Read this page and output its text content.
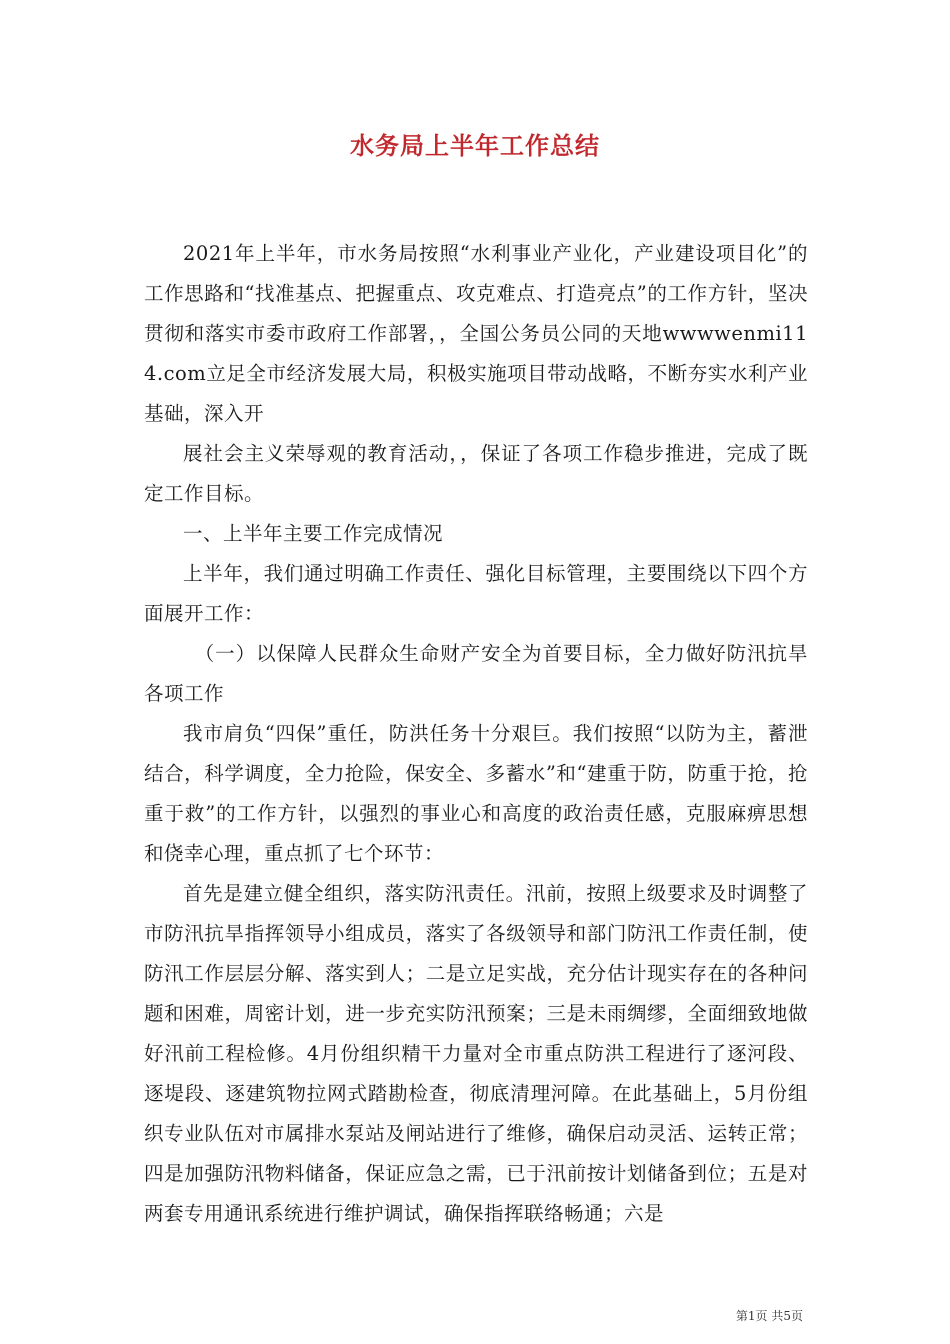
水务局上半年工作总结

2021年上半年，市水务局按照“水利事业产业化，产业建设项目化”的工作思路和“找准基点、把握重点、攻克难点、打造亮点”的工作方针，坚决贯彻和落实市委市政府工作部署，，全国公务员公同的天地wwwwenmi114.com立足全市经济发展大局，积极实施项目带动战略，不断夯实水利产业基础，深入开

展社会主义荣辱观的教育活动，，保证了各项工作稳步推进，完成了既定工作目标。

一、上半年主要工作完成情况

上半年，我们通过明确工作责任、强化目标管理，主要围绕以下四个方面展开工作：

（一）以保障人民群众生命财产安全为首要目标，全力做好防汛抗旱各项工作

我市肩负“四保”重任，防洪任务十分艰巨。我们按照“以防为主，蓄泄结合，科学调度，全力抢险，保安全、多蓄水”和“建重于防，防重于抢，抢重于救”的工作方针，以强烈的事业心和高度的政治责任感，克服麻痹思想和侥幸心理，重点抓了七个环节：

首先是建立健全组织，落实防汛责任。汛前，按照上级要求及时调整了市防汛抗旱指挥领导小组成员，落实了各级领导和部门防汛工作责任制，使防汛工作层层分解、落实到人；二是立足实战，充分估计现实存在的各种问题和困难，周密计划，进一步充实防汛预案；三是未雨绸缪，全面细致地做好汛前工程检修。4月份组织精干力量对全市重点防洪工程进行了逐河段、逐堤段、逐建筑物拉网式踏勘检查，彻底清理河障。在此基础上，5月份组织专业队伍对市属排水泵站及闸站进行了维修，确保启动灵活、运转正常；四是加强防汛物料储备，保证应急之需，已于汛前按计划储备到位；五是对两套专用通讯系统进行维护调试，确保指挥联络畅通；六是

第1页 共5页
